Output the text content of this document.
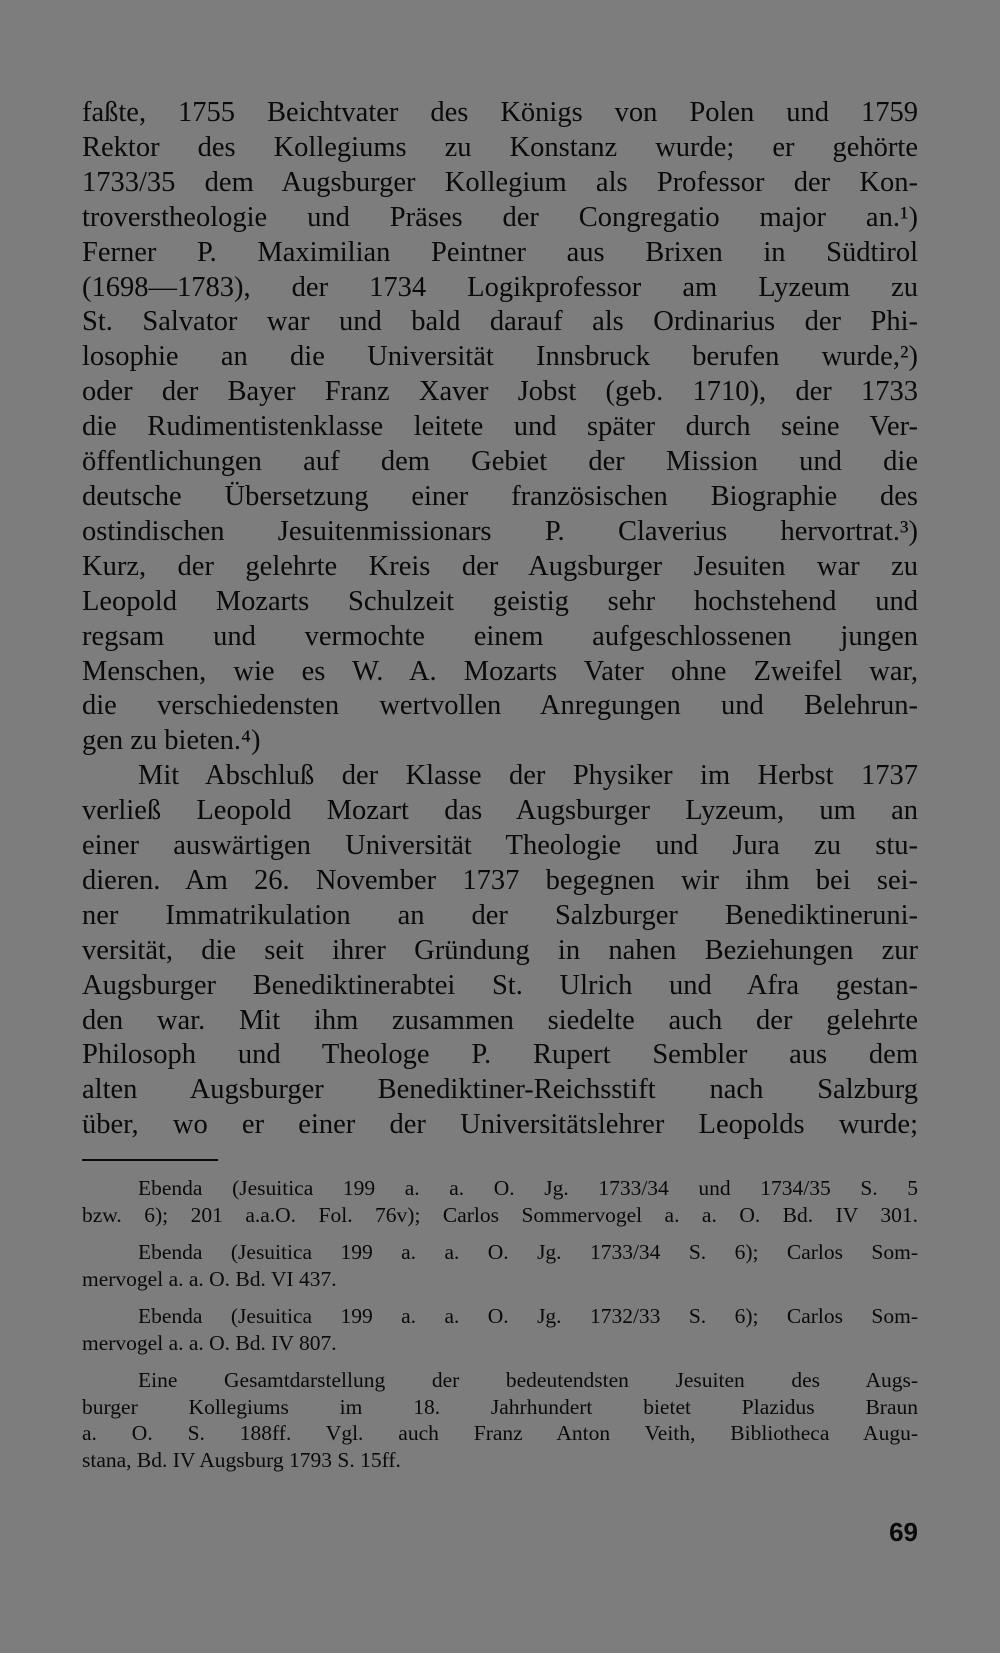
faßte, 1755 Beichtvater des Königs von Polen und 1759
Rektor des Kollegiums zu Konstanz wurde; er gehörte
1733/35 dem Augsburger Kollegium als Professor der Kon-
troverstheologie und Präses der Congregatio major an.¹)
Ferner P. Maximilian Peintner aus Brixen in Südtirol
(1698—1783), der 1734 Logikprofessor am Lyzeum zu
St. Salvator war und bald darauf als Ordinarius der Phi-
losophie an die Universität Innsbruck berufen wurde,²)
oder der Bayer Franz Xaver Jobst (geb. 1710), der 1733
die Rudimentistenklasse leitete und später durch seine Ver-
öffentlichungen auf dem Gebiet der Mission und die
deutsche Übersetzung einer französischen Biographie des
ostindischen Jesuitenmissionars P. Claverius hervortrat.³)
Kurz, der gelehrte Kreis der Augsburger Jesuiten war zu
Leopold Mozarts Schulzeit geistig sehr hochstehend und
regsam und vermochte einem aufgeschlossenen jungen
Menschen, wie es W. A. Mozarts Vater ohne Zweifel war,
die verschiedensten wertvollen Anregungen und Belehrun-
gen zu bieten.⁴)
Mit Abschluß der Klasse der Physiker im Herbst 1737
verließ Leopold Mozart das Augsburger Lyzeum, um an
einer auswärtigen Universität Theologie und Jura zu stu-
dieren. Am 26. November 1737 begegnen wir ihm bei sei-
ner Immatrikulation an der Salzburger Benediktineruni-
versität, die seit ihrer Gründung in nahen Beziehungen zur
Augsburger Benediktinerabtei St. Ulrich und Afra gestan-
den war. Mit ihm zusammen siedelte auch der gelehrte
Philosoph und Theologe P. Rupert Sembler aus dem
alten Augsburger Benediktiner-Reichsstift nach Salzburg
über, wo er einer der Universitätslehrer Leopolds wurde;
Ebenda (Jesuitica 199 a. a. O. Jg. 1733/34 und 1734/35 S. 5
bzw. 6); 201 a.a.O. Fol. 76v); Carlos Sommervogel a. a. O. Bd. IV 301.
Ebenda (Jesuitica 199 a. a. O. Jg. 1733/34 S. 6); Carlos Som-
mervogel a. a. O. Bd. VI 437.
Ebenda (Jesuitica 199 a. a. O. Jg. 1732/33 S. 6); Carlos Som-
mervogel a. a. O. Bd. IV 807.
Eine Gesamtdarstellung der bedeutendsten Jesuiten des Augs-
burger Kollegiums im 18. Jahrhundert bietet Plazidus Braun
a. O. S. 188ff. Vgl. auch Franz Anton Veith, Bibliotheca Augu-
stana, Bd. IV Augsburg 1793 S. 15ff.
69
